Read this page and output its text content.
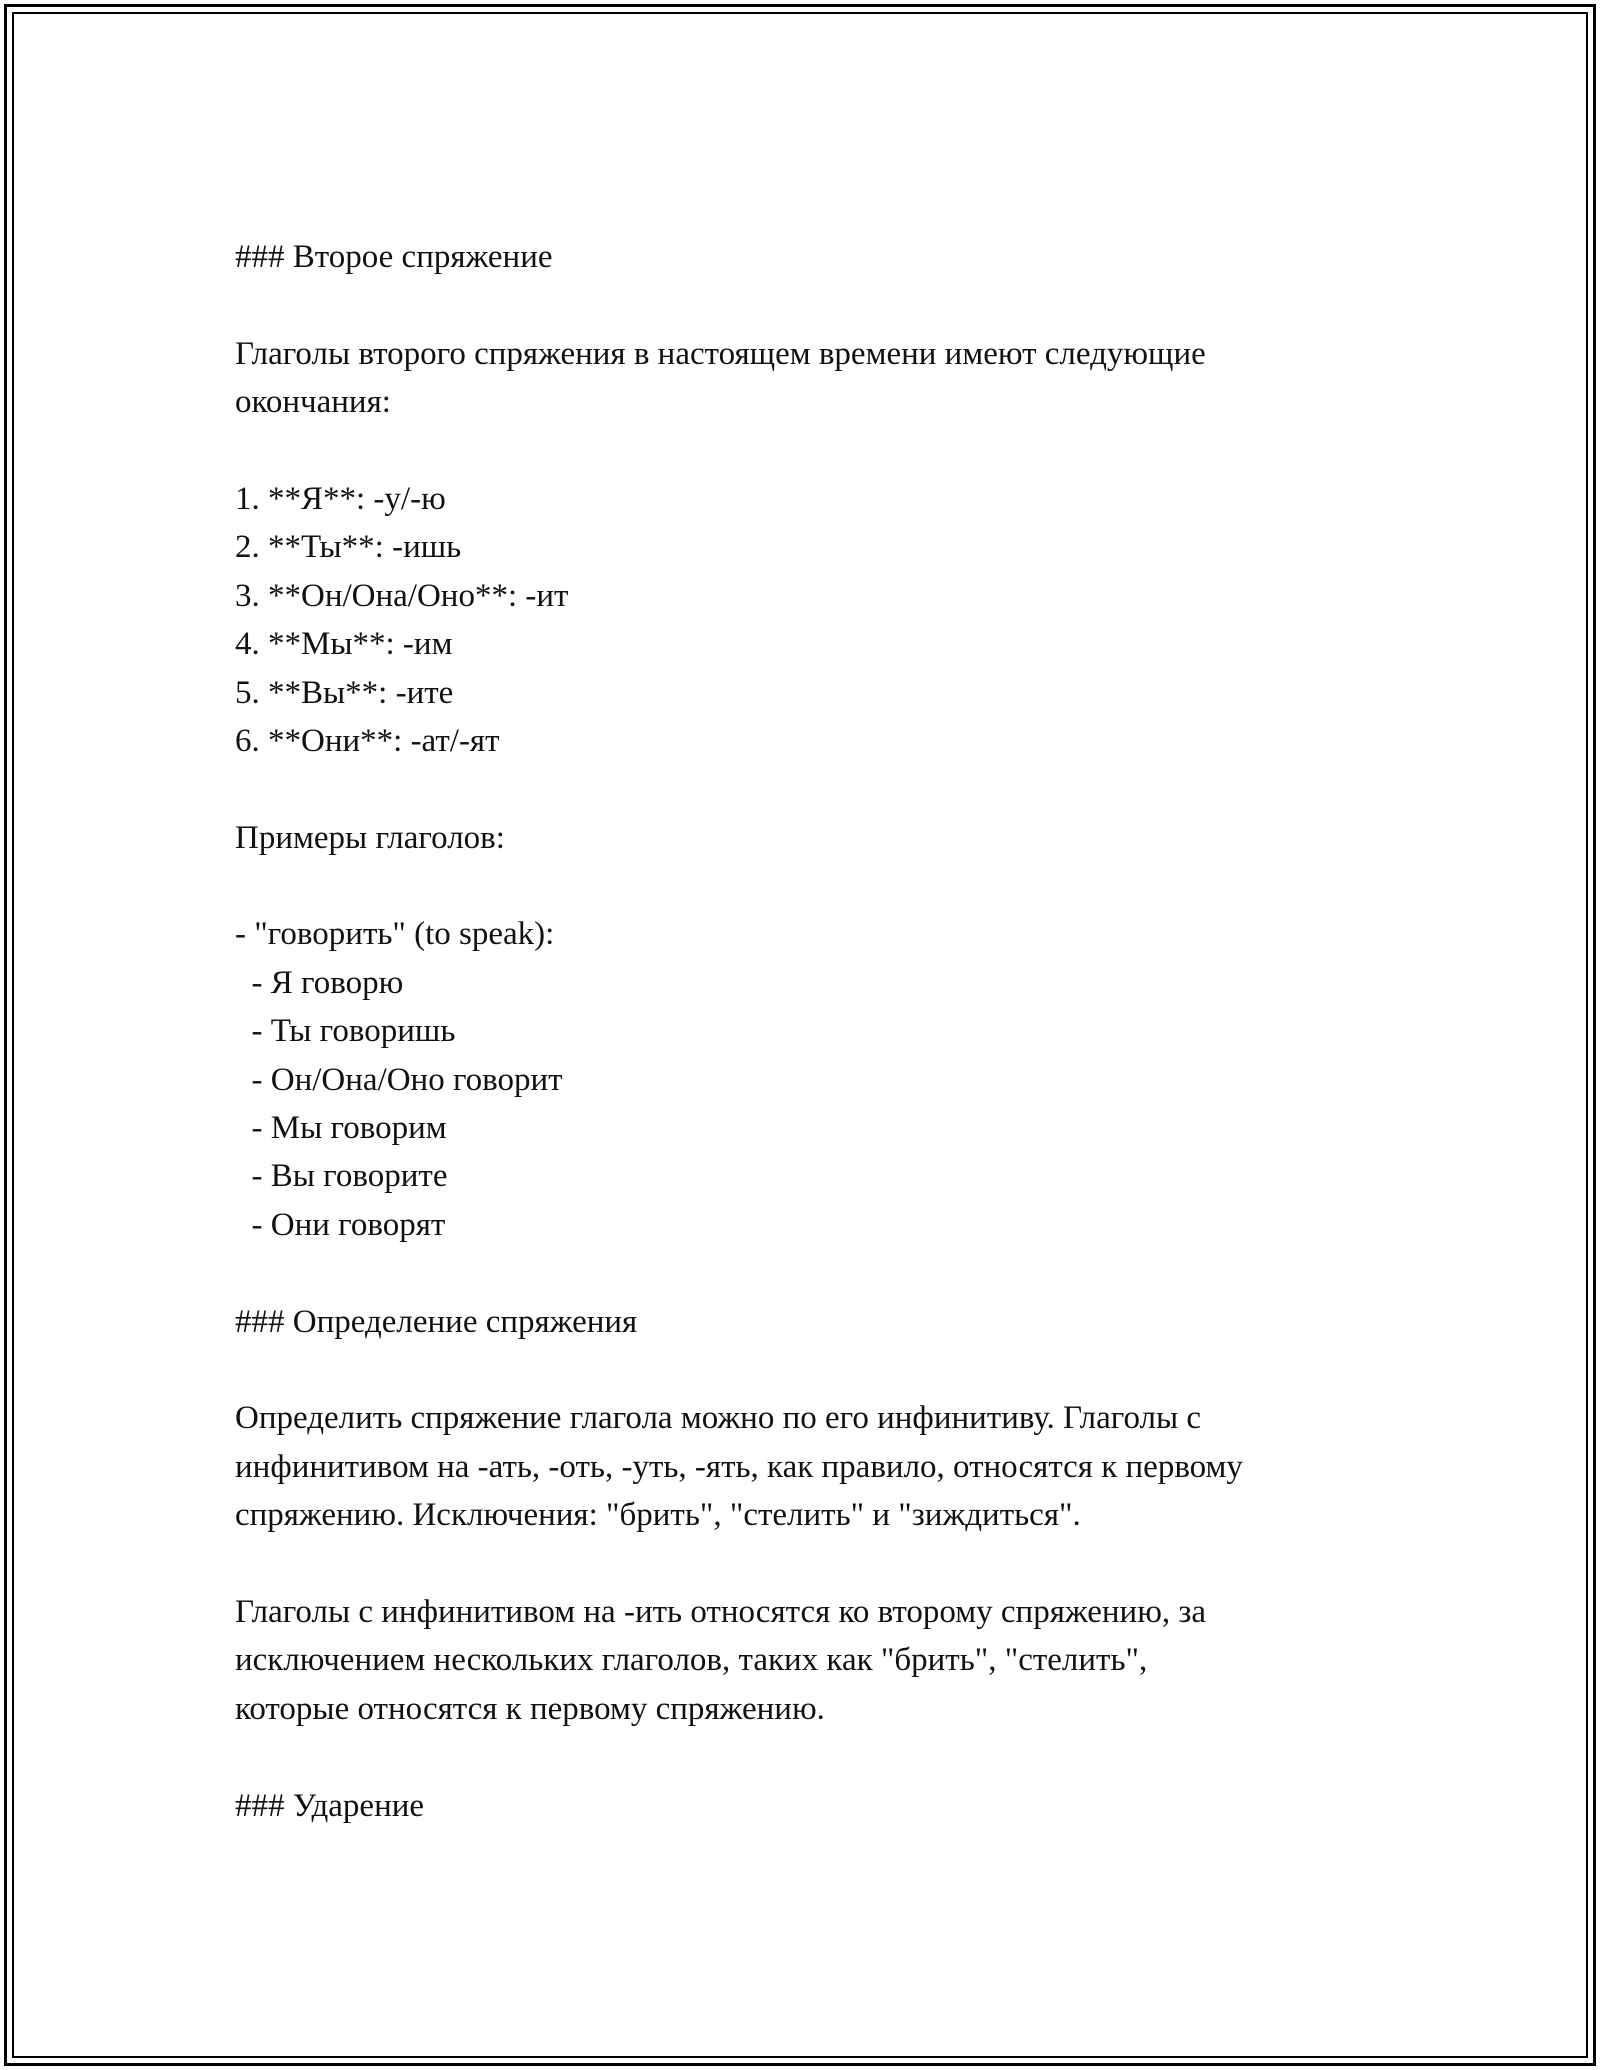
### Второе спряжение
Глаголы второго спряжения в настоящем времени имеют следующие
окончания:
1. **Я**: -у/-ю
2. **Ты**: -ишь
3. **Он/Она/Оно**: -ит
4. **Мы**: -им
5. **Вы**: -ите
6. **Они**: -ат/-ят
Примеры глаголов:
- "говорить" (to speak):
- Я говорю
- Ты говоришь
- Он/Она/Оно говорит
- Мы говорим
- Вы говорите
- Они говорят
### Определение спряжения
Определить спряжение глагола можно по его инфинитиву. Глаголы с
инфинитивом на -ать, -оть, -уть, -ять, как правило, относятся к первому
спряжению. Исключения: "брить", "стелить" и "зиждиться".
Глаголы с инфинитивом на -ить относятся ко второму спряжению, за
исключением нескольких глаголов, таких как "брить", "стелить",
которые относятся к первому спряжению.
### Ударение
